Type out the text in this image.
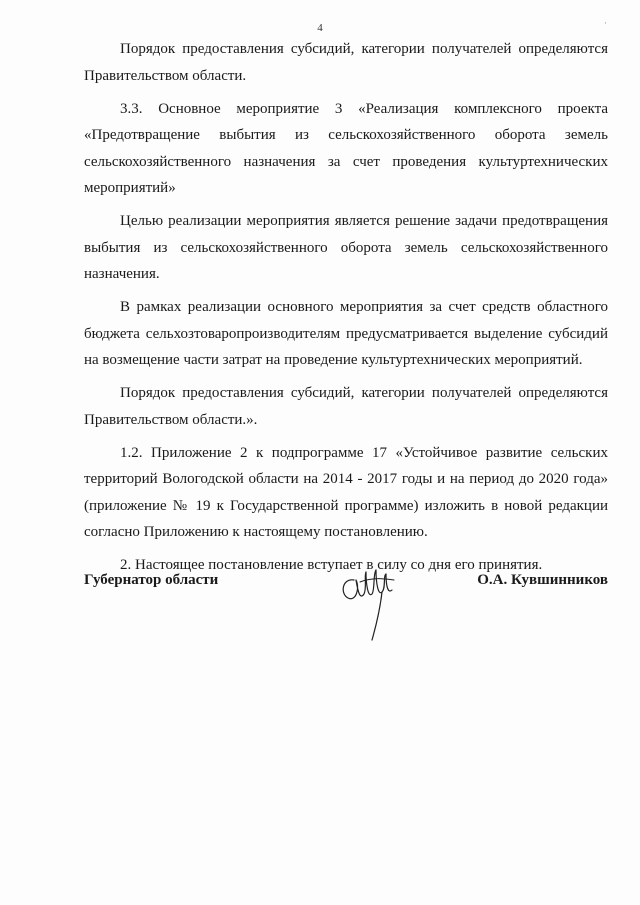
4	·

Порядок предоставления субсидий, категории получателей определяются Правительством области.

3.3. Основное мероприятие 3 «Реализация комплексного проекта «Предотвращение выбытия из сельскохозяйственного оборота земель сельскохозяйственного назначения за счет проведения культуртехнических мероприятий»

Целью реализации мероприятия является решение задачи предотвращения выбытия из сельскохозяйственного оборота земель сельскохозяйственного назначения.

В рамках реализации основного мероприятия за счет средств областного бюджета сельхозтоваропроизводителям предусматривается выделение субсидий на возмещение части затрат на проведение культуртехнических мероприятий.

Порядок предоставления субсидий, категории получателей определяются Правительством области.».

1.2. Приложение 2 к подпрограмме 17 «Устойчивое развитие сельских территорий Вологодской области на 2014 - 2017 годы и на период до 2020 года» (приложение № 19 к Государственной программе) изложить в новой редакции согласно Приложению к настоящему постановлению.

2. Настоящее постановление вступает в силу со дня его принятия.

Губернатор области	О.А. Кувшинников
